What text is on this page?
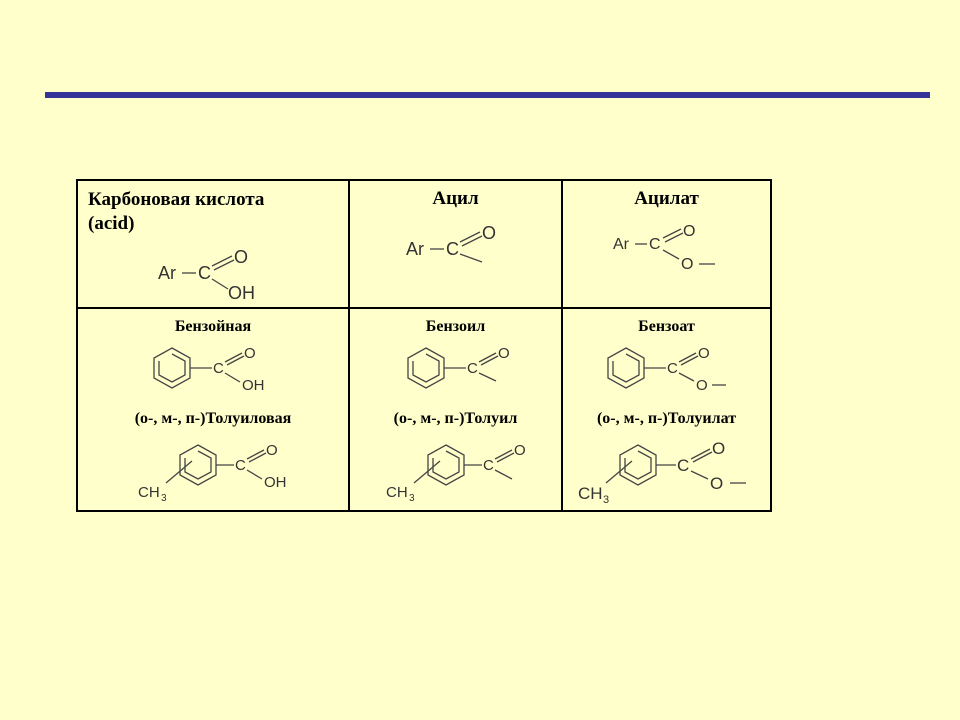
Карбоновая кислота
(acid)
Ar C
O
OH
Ацил
Ar C
O
Ацилат
Ar C
O
O
Бензойная
C
O
OH
(о-, м-, п-)Толуиловая
CH 3
C
O
OH
Бензоил
C
O
(о-, м-, п-)Толуил
CH 3
C
O
Бензоат
C
O
O
(о-, м-, п-)Толуилат
CH 3
C
O
O
